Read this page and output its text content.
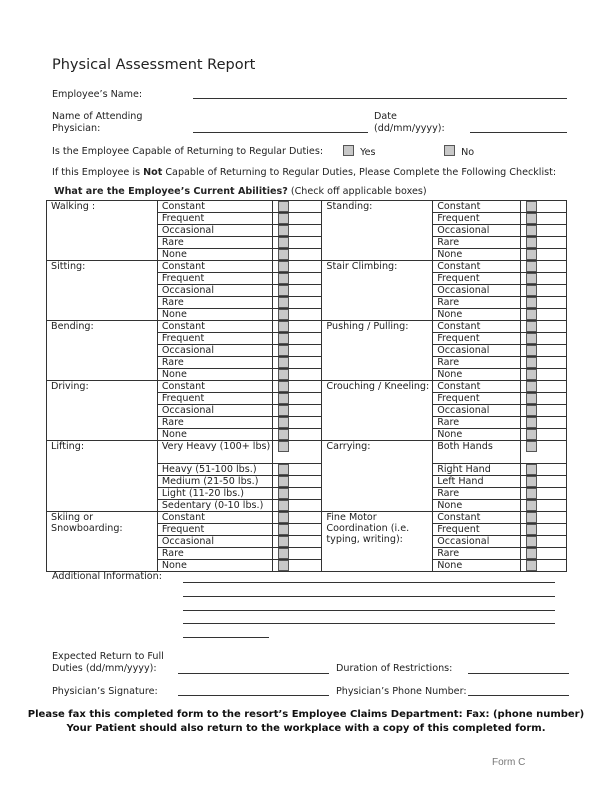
Physical Assessment Report
Employee’s Name:
Name of Attending
Physician:
Date
(dd/mm/yyyy):
Is the Employee Capable of Returning to Regular Duties:	Yes	No
If this Employee is Not Capable of Returning to Regular Duties, Please Complete the Following Checklist:
What are the Employee’s Current Abilities? (Check off applicable boxes)
Walking :	Constant		Standing:	Constant	
	Frequent			Frequent	
	Occasional			Occasional	
	Rare			Rare	
	None			None	
Sitting:	Constant		Stair Climbing:	Constant	
	Frequent			Frequent	
	Occasional			Occasional	
	Rare			Rare	
	None			None	
Bending:	Constant		Pushing / Pulling:	Constant	
	Frequent			Frequent	
	Occasional			Occasional	
	Rare			Rare	
	None			None	
Driving:	Constant		Crouching / Kneeling:	Constant	
	Frequent			Frequent	
	Occasional			Occasional	
	Rare			Rare	
	None			None	
Lifting:	Very Heavy (100+ lbs)		Carrying:	Both Hands	
	Heavy (51-100 lbs.)			Right Hand	
	Medium (21-50 lbs.)			Left Hand	
	Light (11-20 lbs.)			Rare	
	Sedentary (0-10 lbs.)			None	
Skiing or Snowboarding:	Constant		Fine Motor Coordination (i.e. typing, writing):	Constant	
	Frequent			Frequent	
	Occasional			Occasional	
	Rare			Rare	
	None			None	
Additional Information:
Expected Return to Full
Duties (dd/mm/yyyy):	Duration of Restrictions:
Physician’s Signature:	Physician’s Phone Number:
Please fax this completed form to the resort’s Employee Claims Department: Fax: (phone number)
Your Patient should also return to the workplace with a copy of this completed form.
Form C
